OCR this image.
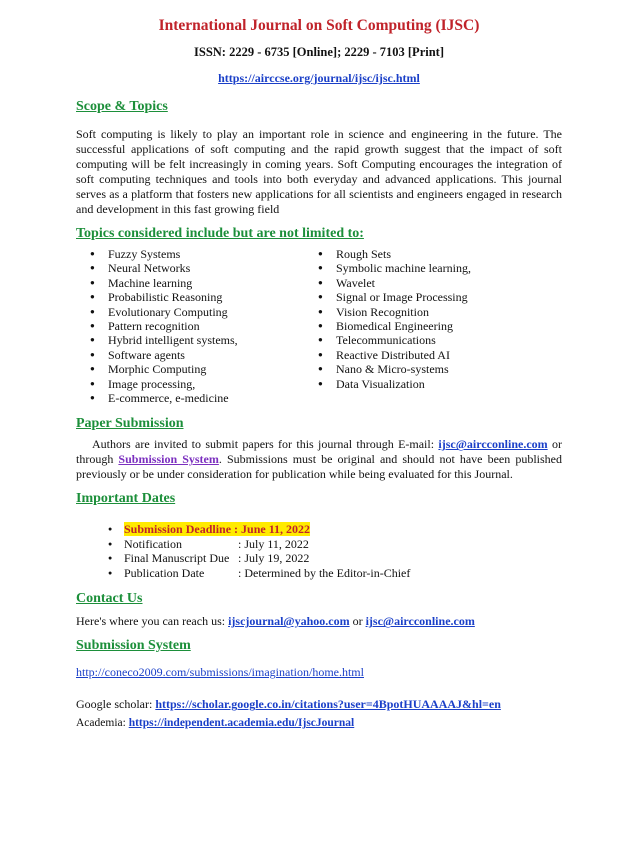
International Journal on Soft Computing (IJSC)
ISSN: 2229 - 6735 [Online]; 2229 - 7103 [Print]
https://airccse.org/journal/ijsc/ijsc.html
Scope & Topics

Soft computing is likely to play an important role in science and engineering in the future. The successful applications of soft computing and the rapid growth suggest that the impact of soft computing will be felt increasingly in coming years. Soft Computing encourages the integration of soft computing techniques and tools into both everyday and advanced applications. This journal serves as a platform that fosters new applications for all scientists and engineers engaged in research and development in this fast growing field

Topics considered include but are not limited to:
● Fuzzy Systems
● Neural Networks
● Machine learning
● Probabilistic Reasoning
● Evolutionary Computing
● Pattern recognition
● Hybrid intelligent systems,
● Software agents
● Morphic Computing
● Image processing,
● E-commerce, e-medicine
● Rough Sets
● Symbolic machine learning,
● Wavelet
● Signal or Image Processing
● Vision Recognition
● Biomedical Engineering
● Telecommunications
● Reactive Distributed AI
● Nano & Micro-systems
● Data Visualization
Paper Submission

Authors are invited to submit papers for this journal through E-mail: ijsc@aircconline.com or through Submission System. Submissions must be original and should not have been published previously or be under consideration for publication while being evaluated for this Journal.

Important Dates
● Submission Deadline : June 11, 2022
● Notification	: July 11, 2022
● Final Manuscript Due : July 19, 2022
● Publication Date	: Determined by the Editor-in-Chief
Contact Us

Here's where you can reach us: ijscjournal@yahoo.com or ijsc@aircconline.com

Submission System

http://coneco2009.com/submissions/imagination/home.html

Google scholar: https://scholar.google.co.in/citations?user=4BpotHUAAAAJ&hl=en

Academia: https://independent.academia.edu/IjscJournal
